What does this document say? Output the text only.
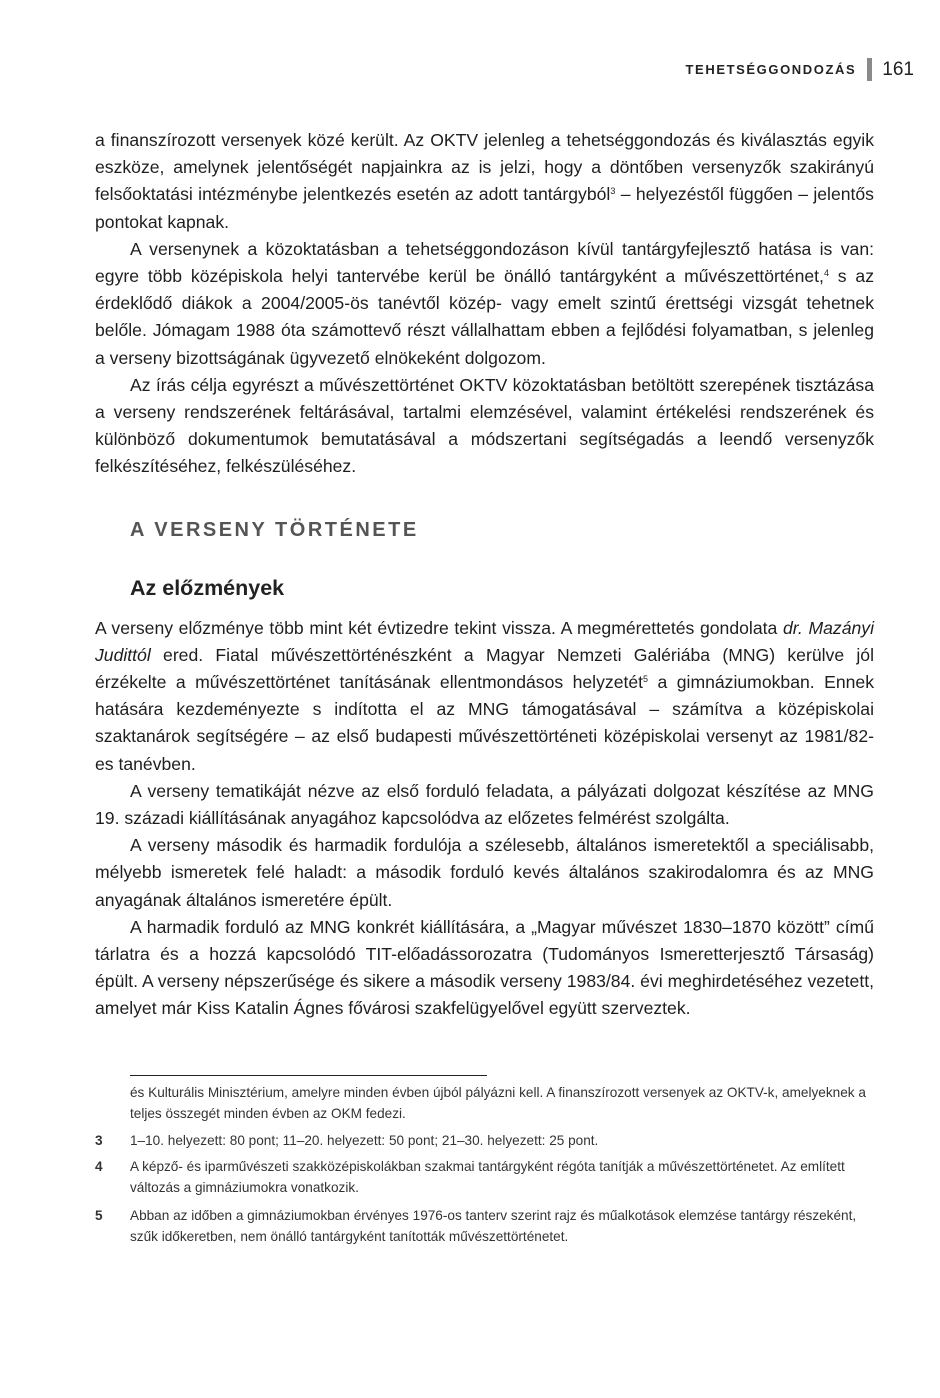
TEHETSÉGGONDOZÁS 161

a finanszírozott versenyek közé került. Az OKTV jelenleg a tehetséggondozás és kiválasztás egyik eszköze, amelynek jelentőségét napjainkra az is jelzi, hogy a döntőben versenyzők szakirányú felsőoktatási intézménybe jelentkezés esetén az adott tantárgyból$^3$ – helyezéstől függően – jelentős pontokat kapnak.

A versenynek a közoktatásban a tehetséggondozáson kívül tantárgyfejlesztő hatása is van: egyre több középiskola helyi tantervébe kerül be önálló tantárgyként a művészettörténet,$^4$ s az érdeklődő diákok a 2004/2005-ös tanévtől közép- vagy emelt szintű érettségi vizsgát tehetnek belőle. Jómagam 1988 óta számottevő részt vállalhattam ebben a fejlődési folyamatban, s jelenleg a verseny bizottságának ügyvezető elnökeként dolgozom.

Az írás célja egyrészt a művészettörténet OKTV közoktatásban betöltött szerepének tisztázása a verseny rendszerének feltárásával, tartalmi elemzésével, valamint értékelési rendszerének és különböző dokumentumok bemutatásával a módszertani segítségadás a leendő versenyzők felkészítéséhez, felkészüléséhez.

A VERSENY TÖRTÉNETE
Az előzmények

A verseny előzménye több mint két évtizedre tekint vissza. A megmérettetés gondolata dr. Mazányi Judittól ered. Fiatal művészettörténészként a Magyar Nemzeti Galériába (MNG) kerülve jól érzékelte a művészettörténet tanításának ellentmondásos helyzetét$^5$ a gimnáziumokban. Ennek hatására kezdeményezte s indította el az MNG támogatásával – számítva a középiskolai szaktanárok segítségére – az első budapesti művészettörténeti középiskolai versenyt az 1981/82-es tanévben.

A verseny tematikáját nézve az első forduló feladata, a pályázati dolgozat készítése az MNG 19. századi kiállításának anyagához kapcsolódva az előzetes felmérést szolgálta.

A verseny második és harmadik fordulója a szélesebb, általános ismeretektől a speciálisabb, mélyebb ismeretek felé haladt: a második forduló kevés általános szakirodalomra és az MNG anyagának általános ismeretére épült.

A harmadik forduló az MNG konkrét kiállítására, a „Magyar művészet 1830–1870 között” című tárlatra és a hozzá kapcsolódó TIT-előadássorozatra (Tudományos Ismeretterjesztő Társaság) épült. A verseny népszerűsége és sikere a második verseny 1983/84. évi meghirdetéséhez vezetett, amelyet már Kiss Katalin Ágnes fővárosi szakfelügyelővel együtt szerveztek.

és Kulturális Minisztérium, amelyre minden évben újból pályázni kell. A finanszírozott versenyek az OKTV-k, amelyeknek a teljes összegét minden évben az OKM fedezi.
3	1–10. helyezett: 80 pont; 11–20. helyezett: 50 pont; 21–30. helyezett: 25 pont.
4	A képző- és iparművészeti szakközépiskolákban szakmai tantárgyként régóta tanítják a művészettörténetet. Az említett változás a gimnáziumokra vonatkozik.
5	Abban az időben a gimnáziumokban érvényes 1976-os tanterv szerint rajz és műalkotások elemzése tantárgy részeként, szűk időkeretben, nem önálló tantárgyként tanították művészettörténetet.
